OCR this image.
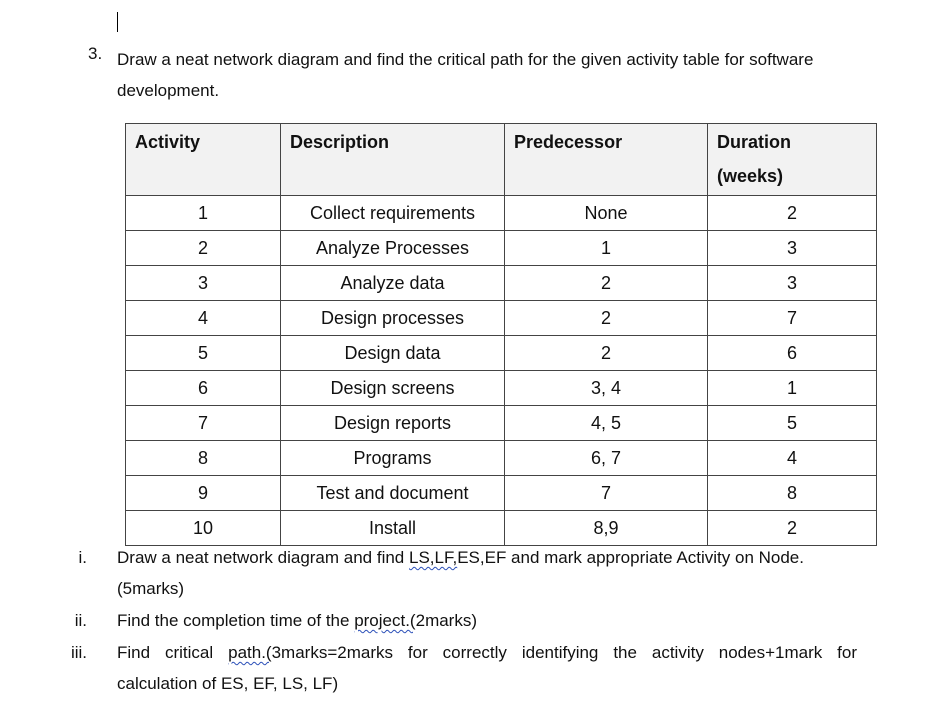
3. Draw a neat network diagram and find the critical path for the given activity table for software development.
Activity	Description	Predecessor	Duration
(weeks)
1	Collect requirements	None	2
2	Analyze Processes	1	3
3	Analyze data	2	3
4	Design processes	2	7
5	Design data	2	6
6	Design screens	3, 4	1
7	Design reports	4, 5	5
8	Programs	6, 7	4
9	Test and document	7	8
10	Install	8,9	2
i. Draw a neat network diagram and find LS,LF,ES,EF and mark appropriate Activity on Node.
(5marks)
ii. Find the completion time of the project.(2marks)
iii. Find critical path.(3marks=2marks for correctly identifying the activity nodes+1mark for
calculation of ES, EF, LS, LF)
